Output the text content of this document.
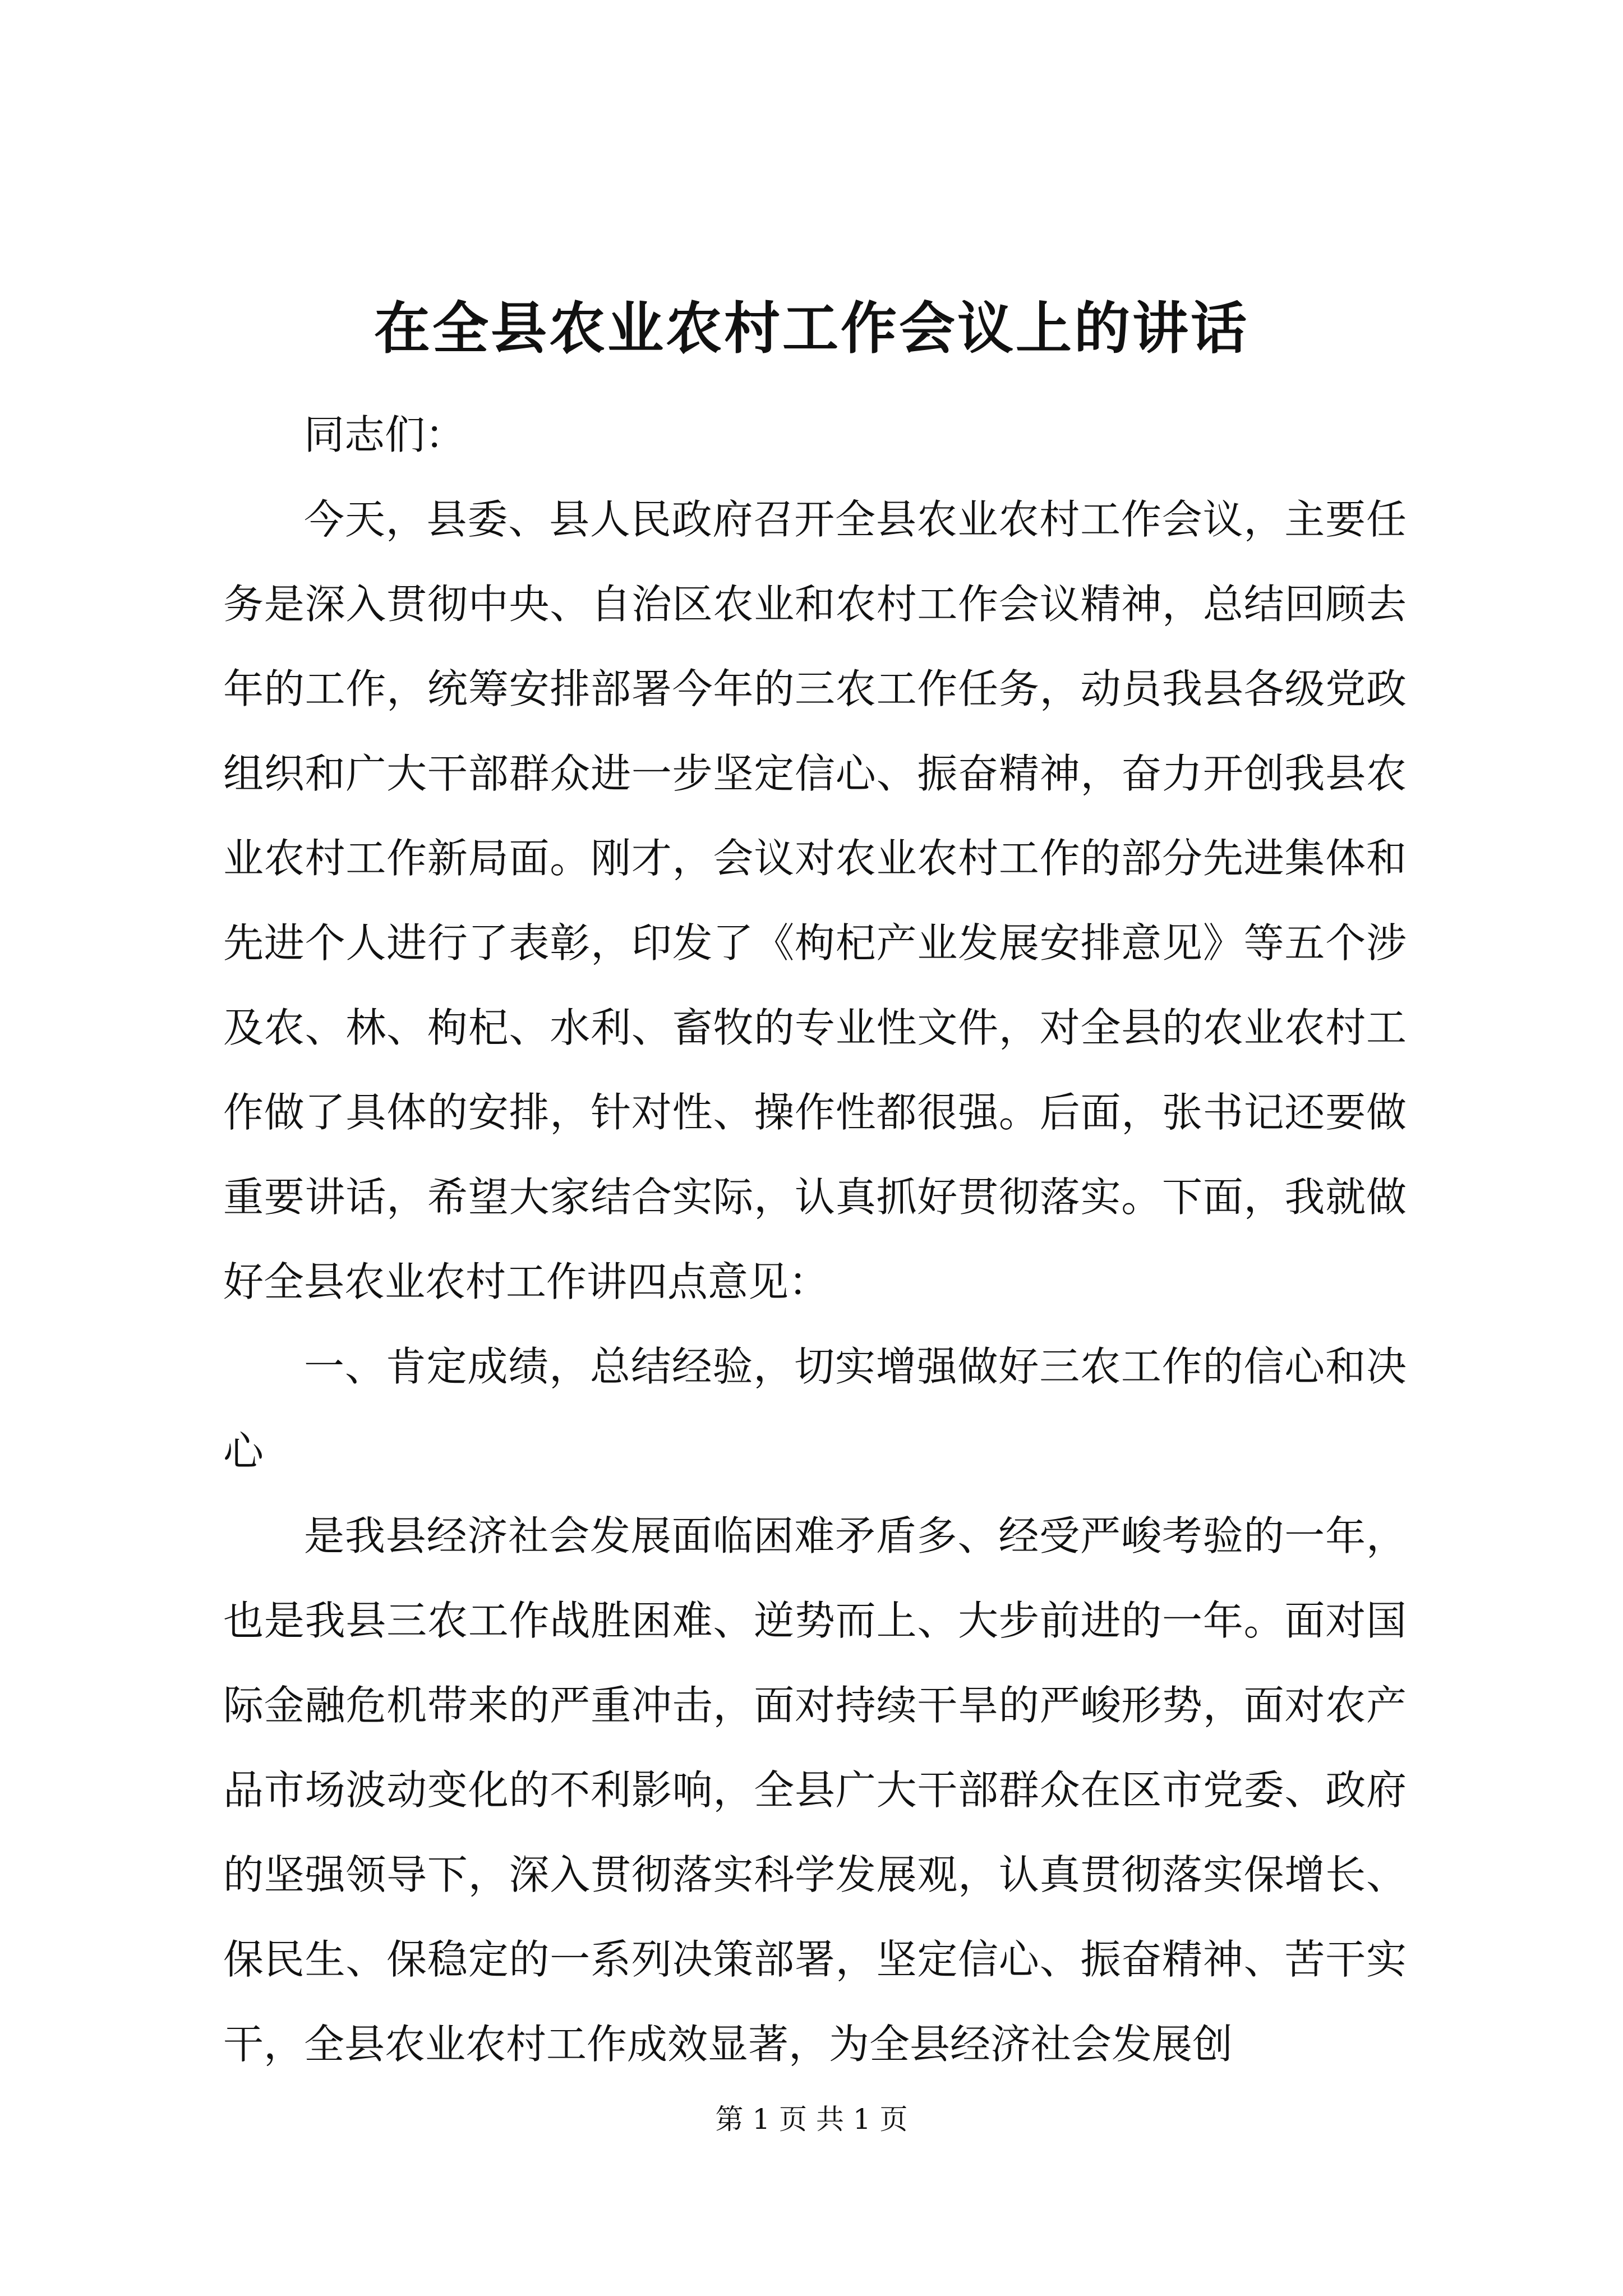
在全县农业农村工作会议上的讲话

同志们：

今天，县委、县人民政府召开全县农业农村工作会议，主要任务是深入贯彻中央、自治区农业和农村工作会议精神，总结回顾去年的工作，统筹安排部署今年的三农工作任务，动员我县各级党政组织和广大干部群众进一步坚定信心、振奋精神，奋力开创我县农业农村工作新局面。刚才，会议对农业农村工作的部分先进集体和先进个人进行了表彰，印发了《枸杞产业发展安排意见》等五个涉及农、林、枸杞、水利、畜牧的专业性文件，对全县的农业农村工作做了具体的安排，针对性、操作性都很强。后面，张书记还要做重要讲话，希望大家结合实际，认真抓好贯彻落实。下面，我就做好全县农业农村工作讲四点意见：

一、肯定成绩，总结经验，切实增强做好三农工作的信心和决心

是我县经济社会发展面临困难矛盾多、经受严峻考验的一年，也是我县三农工作战胜困难、逆势而上、大步前进的一年。面对国际金融危机带来的严重冲击，面对持续干旱的严峻形势，面对农产品市场波动变化的不利影响，全县广大干部群众在区市党委、政府的坚强领导下，深入贯彻落实科学发展观，认真贯彻落实保增长、保民生、保稳定的一系列决策部署，坚定信心、振奋精神、苦干实干，全县农业农村工作成效显著，为全县经济社会发展创

第 1 页 共 1 页
